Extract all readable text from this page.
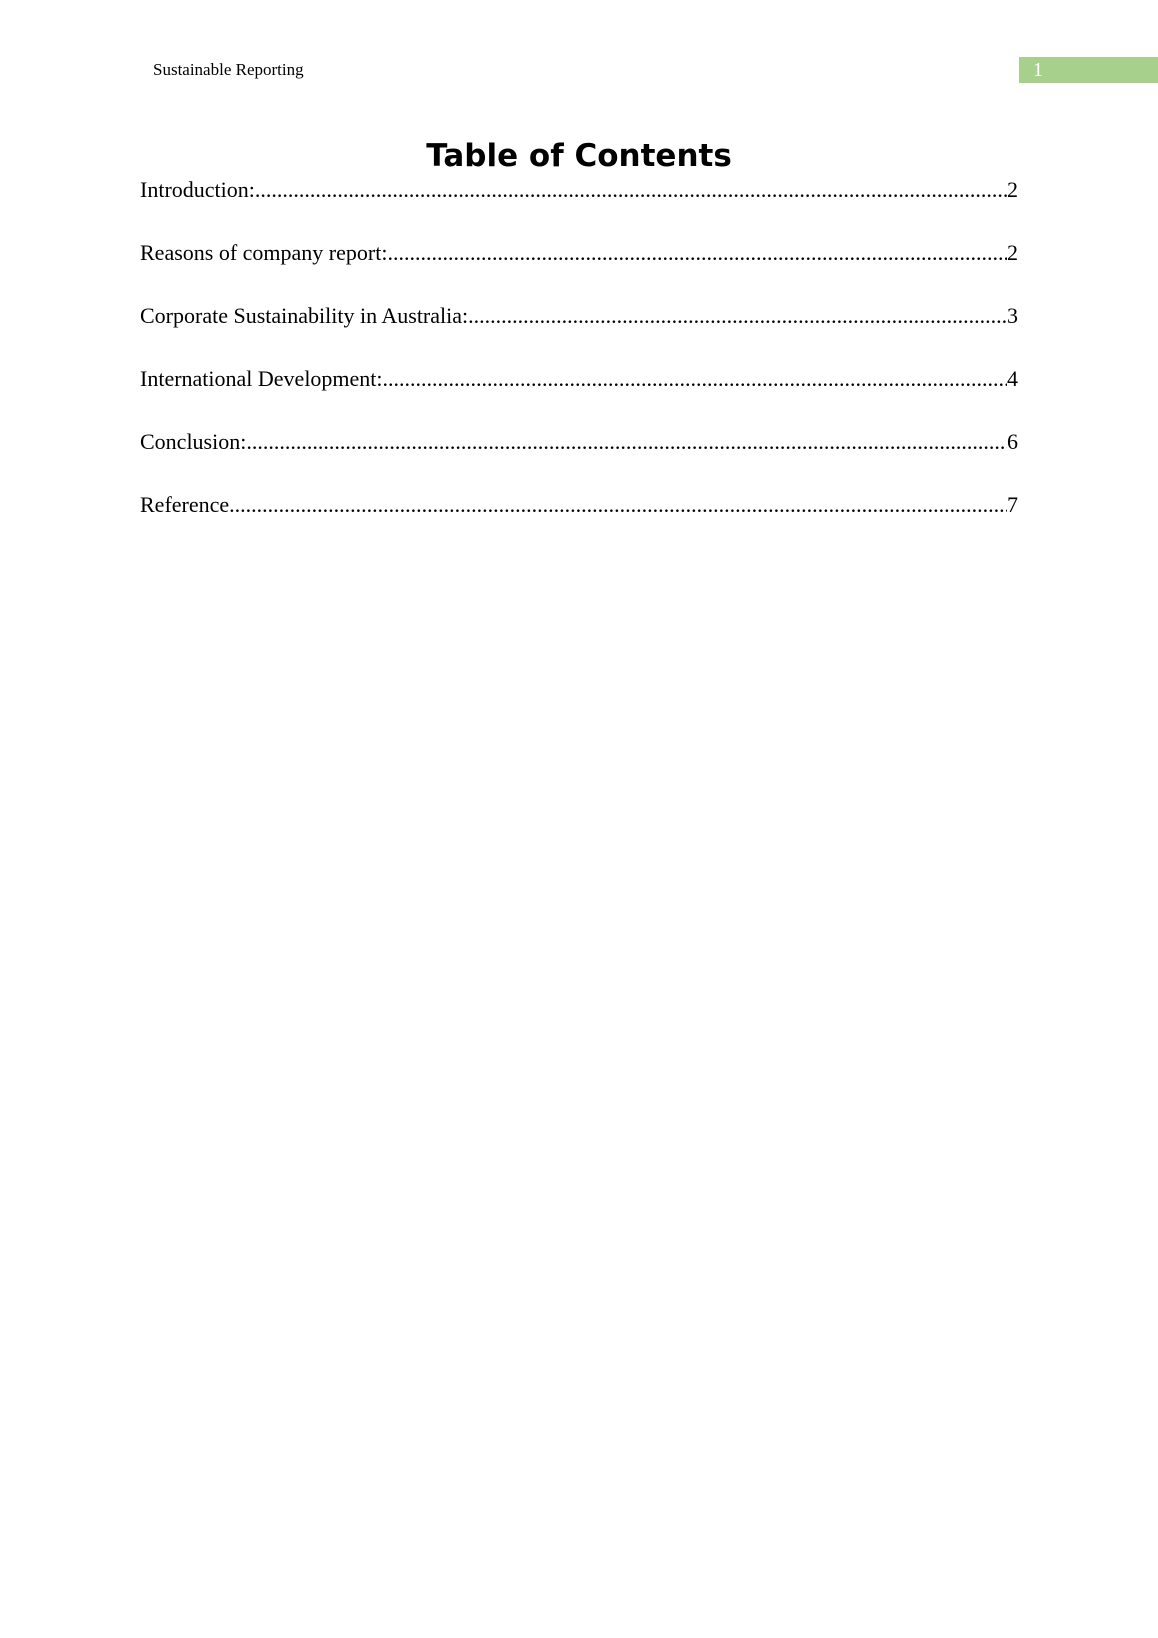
Sustainable Reporting	1
Table of Contents
Introduction: .....	2
Reasons of company report: .....	2
Corporate Sustainability in Australia: .....	3
International Development: .....	4
Conclusion: .....	6
Reference .....	7
